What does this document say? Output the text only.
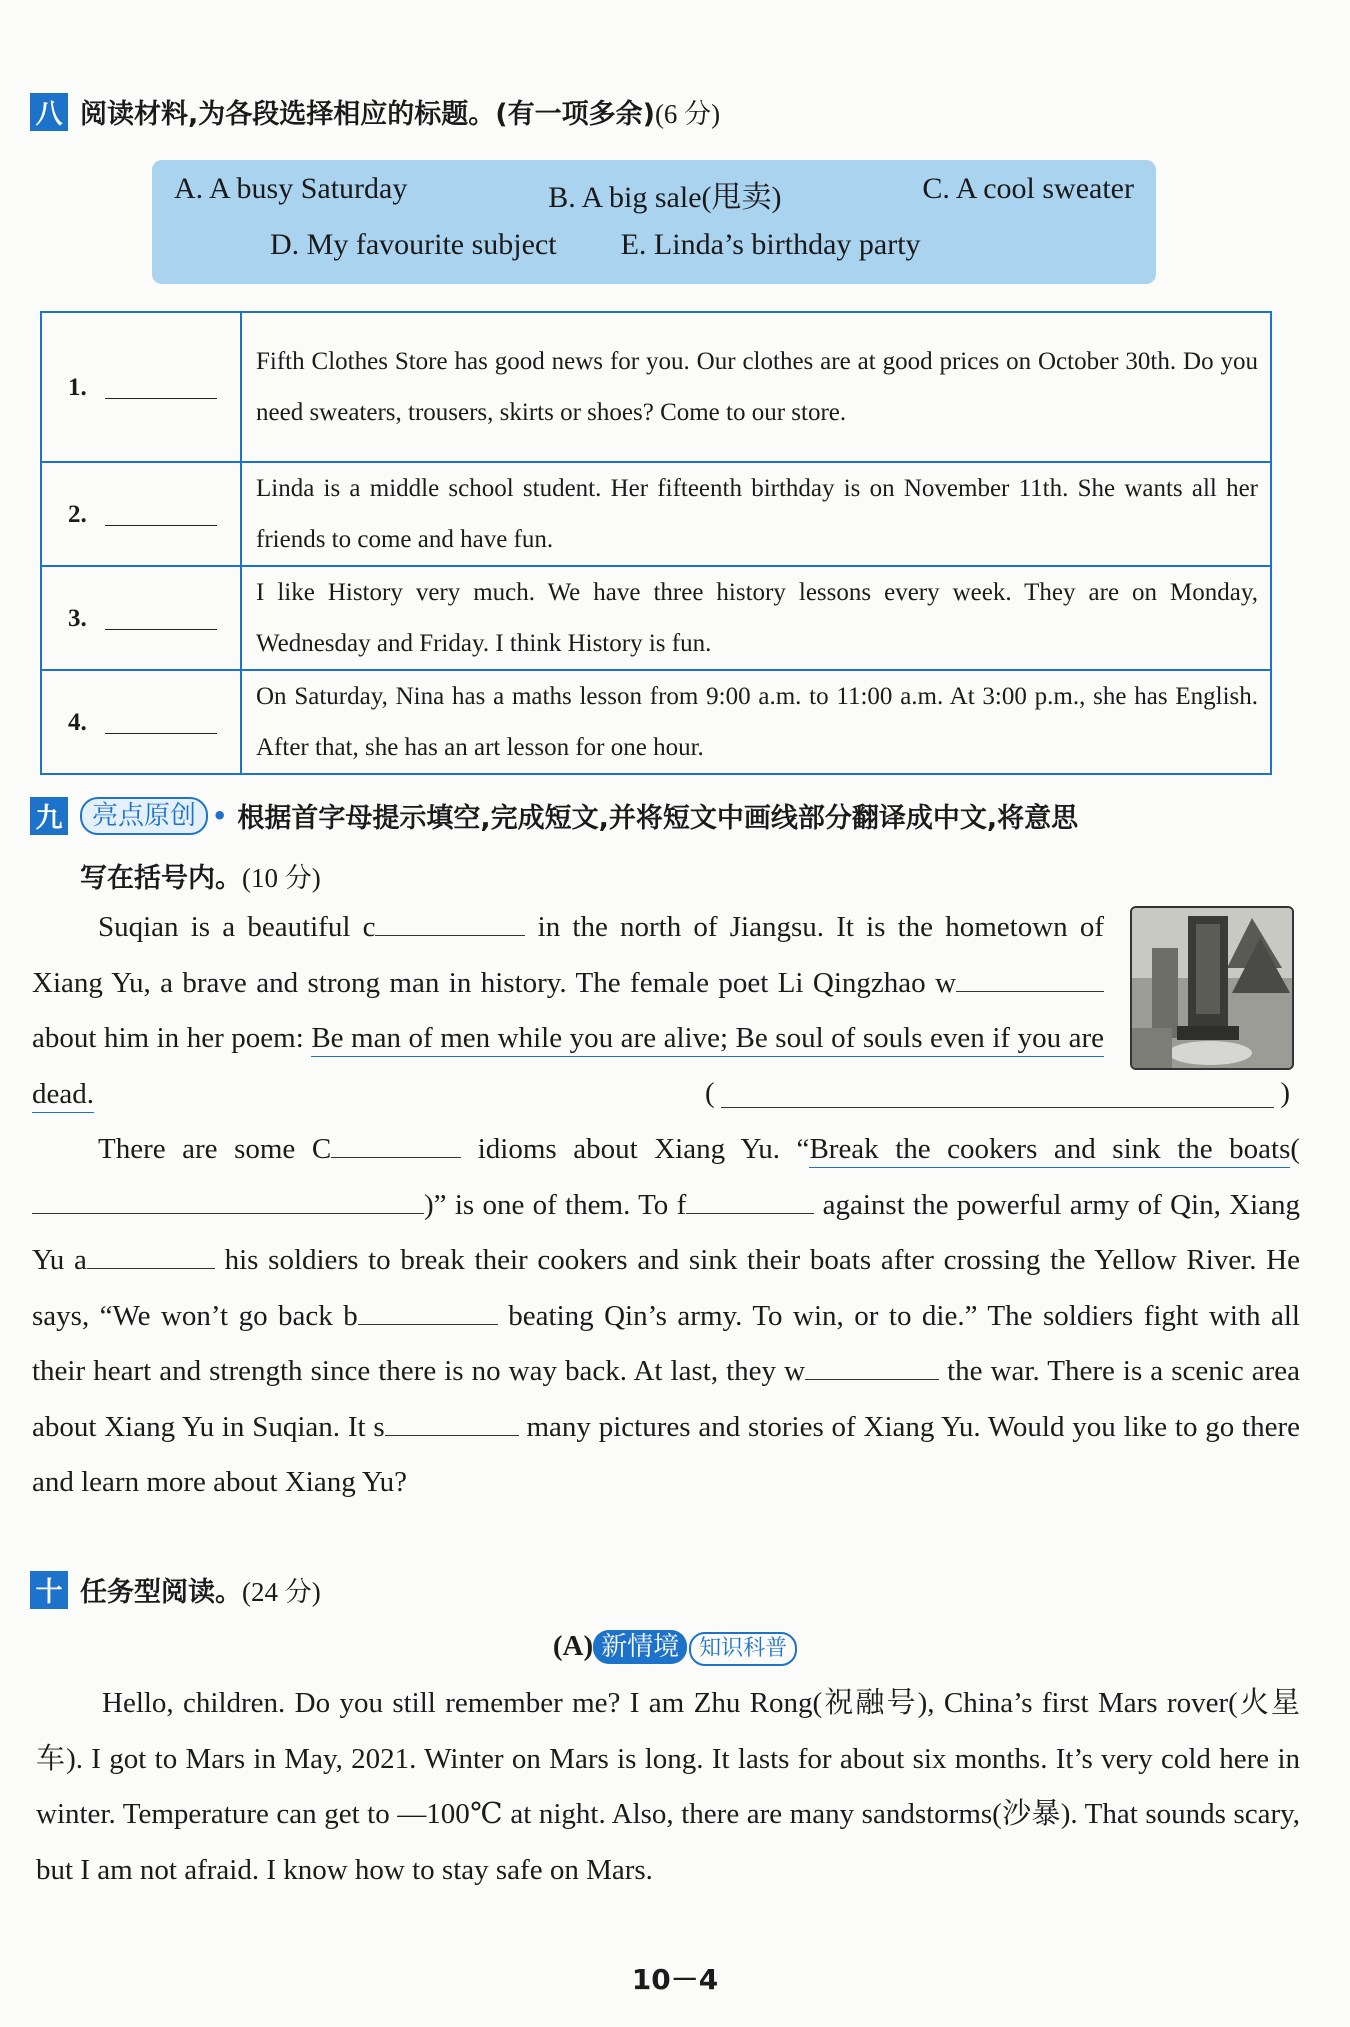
八 阅读材料,为各段选择相应的标题。(有一项多余) (6 分)
A. A busy Saturday	B. A big sale(甩卖)	C. A cool sweater
D. My favourite subject E. Linda’s birthday party
1.	Fifth Clothes Store has good news for you. Our clothes are at good prices on October 30th. Do you need sweaters, trousers, skirts or shoes? Come to our store.
2.	Linda is a middle school student. Her fifteenth birthday is on November 11th. She wants all her friends to come and have fun.
3.	I like History very much. We have three history lessons every week. They are on Monday, Wednesday and Friday. I think History is fun.
4.	On Saturday, Nina has a maths lesson from 9:00 a.m. to 11:00 a.m. At 3:00 p.m., she has English. After that, she has an art lesson for one hour.
九	亮点原创 • 根据首字母提示填空,完成短文,并将短文中画线部分翻译成中文,将意思
写在括号内。 (10 分)
Suqian is a beautiful c	in the north of Jiangsu. It is the hometown of Xiang Yu, a brave and strong man in history. The female poet Li Qingzhao w about him in her poem: Be man of men while you are alive; Be soul of souls even if you are dead.	(	)
There are some C	idioms about Xiang Yu. “Break the cookers and sink the boats()” is one of them. To f	against the powerful army of Qin, Xiang Yu a	his soldiers to break their cookers and sink their boats after crossing the Yellow River. He says, “We won’t go back b	beating Qin’s army. To win, or to die.” The soldiers fight with all their heart and strength since there is no way back. At last, they w	the war. There is a scenic area about Xiang Yu in Suqian. It s	many pictures and stories of Xiang Yu. Would you like to go there and learn more about Xiang Yu?
十 任务型阅读。 (24 分)
(A) 新情境 知识科普
Hello, children. Do you still remember me? I am Zhu Rong(祝融号), China’s first Mars rover(火星车). I got to Mars in May, 2021. Winter on Mars is long. It lasts for about six months. It’s very cold here in winter. Temperature can get to —100℃ at night. Also, there are many sandstorms(沙暴). That sounds scary, but I am not afraid. I know how to stay safe on Mars.
10－4
